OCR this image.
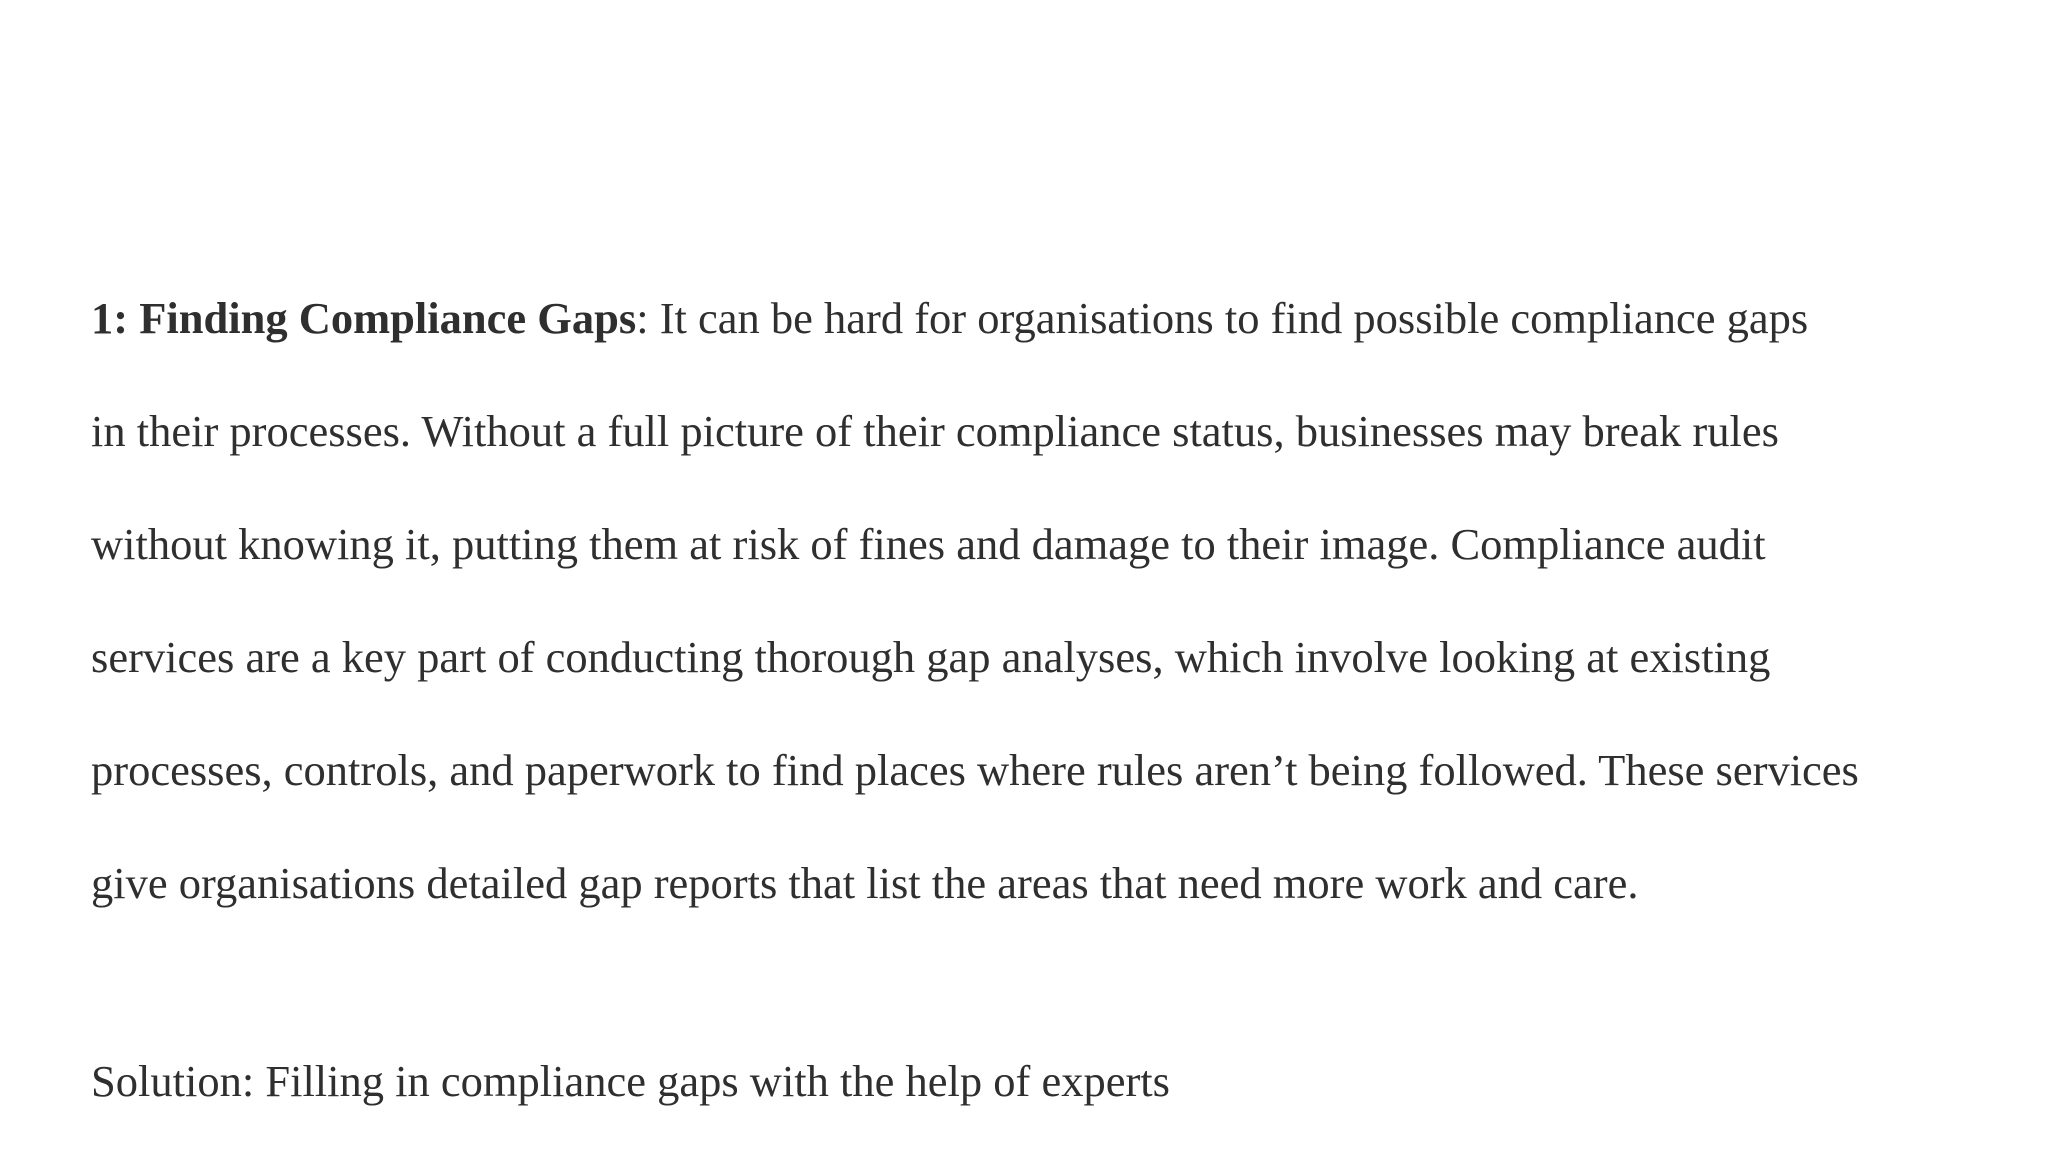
1: Finding Compliance Gaps: It can be hard for organisations to find possible compliance gaps
in their processes. Without a full picture of their compliance status, businesses may break rules
without knowing it, putting them at risk of fines and damage to their image. Compliance audit
services are a key part of conducting thorough gap analyses, which involve looking at existing
processes, controls, and paperwork to find places where rules aren’t being followed. These services
give organisations detailed gap reports that list the areas that need more work and care.

Solution: Filling in compliance gaps with the help of experts
